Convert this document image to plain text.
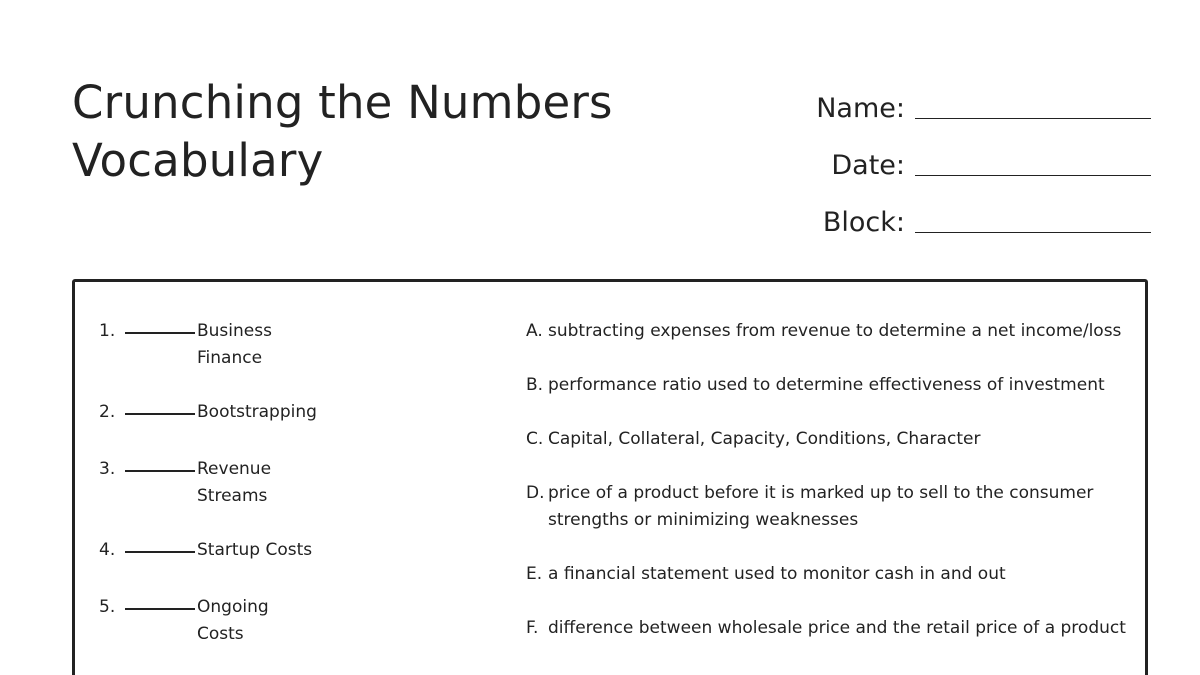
Crunching the Numbers
Vocabulary
Name:
Date:
Block:
1.	Business
Finance
2.	Bootstrapping
3.	Revenue
Streams
4.	Startup Costs
5.	Ongoing
Costs
A. subtracting expenses from revenue to determine a net income/loss
B. performance ratio used to determine effectiveness of investment
C. Capital, Collateral, Capacity, Conditions, Character
D. price of a product before it is marked up to sell to the consumer
strengths or minimizing weaknesses
E. a financial statement used to monitor cash in and out
F. difference between wholesale price and the retail price of a product
